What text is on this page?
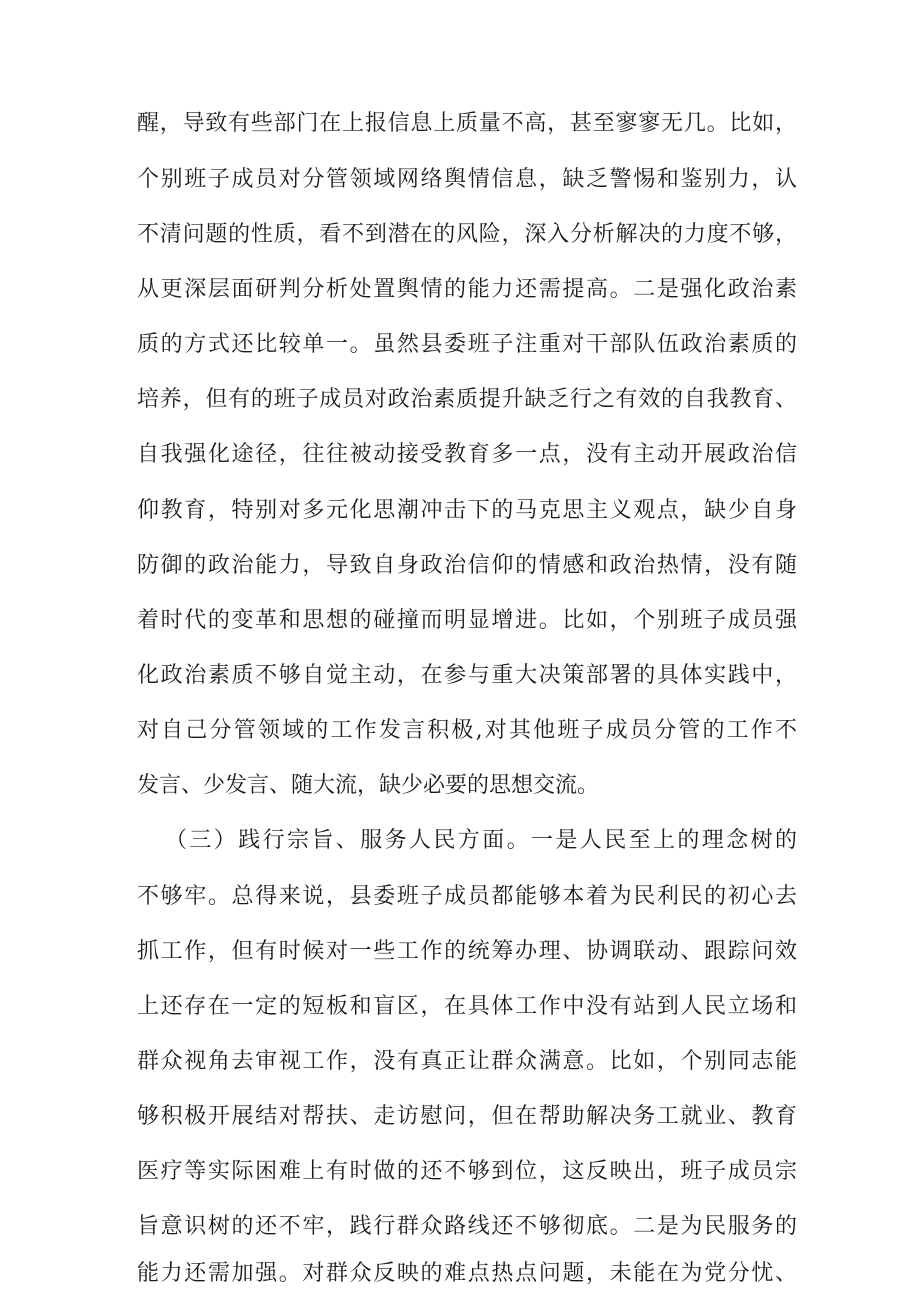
醒，导致有些部门在上报信息上质量不高，甚至寥寥无几。比如，
个别班子成员对分管领域网络舆情信息，缺乏警惕和鉴别力，认
不清问题的性质，看不到潜在的风险，深入分析解决的力度不够，
从更深层面研判分析处置舆情的能力还需提高。二是强化政治素
质的方式还比较单一。虽然县委班子注重对干部队伍政治素质的
培养，但有的班子成员对政治素质提升缺乏行之有效的自我教育、
自我强化途径，往往被动接受教育多一点，没有主动开展政治信
仰教育，特别对多元化思潮冲击下的马克思主义观点，缺少自身
防御的政治能力，导致自身政治信仰的情感和政治热情，没有随
着时代的变革和思想的碰撞而明显增进。比如，个别班子成员强
化政治素质不够自觉主动，在参与重大决策部署的具体实践中，
对自己分管领域的工作发言积极,对其他班子成员分管的工作不
发言、少发言、随大流，缺少必要的思想交流。
（三）践行宗旨、服务人民方面。一是人民至上的理念树的
不够牢。总得来说，县委班子成员都能够本着为民利民的初心去
抓工作，但有时候对一些工作的统筹办理、协调联动、跟踪问效
上还存在一定的短板和盲区，在具体工作中没有站到人民立场和
群众视角去审视工作，没有真正让群众满意。比如，个别同志能
够积极开展结对帮扶、走访慰问，但在帮助解决务工就业、教育
医疗等实际困难上有时做的还不够到位，这反映出，班子成员宗
旨意识树的还不牢，践行群众路线还不够彻底。二是为民服务的
能力还需加强。对群众反映的难点热点问题，未能在为党分忧、
